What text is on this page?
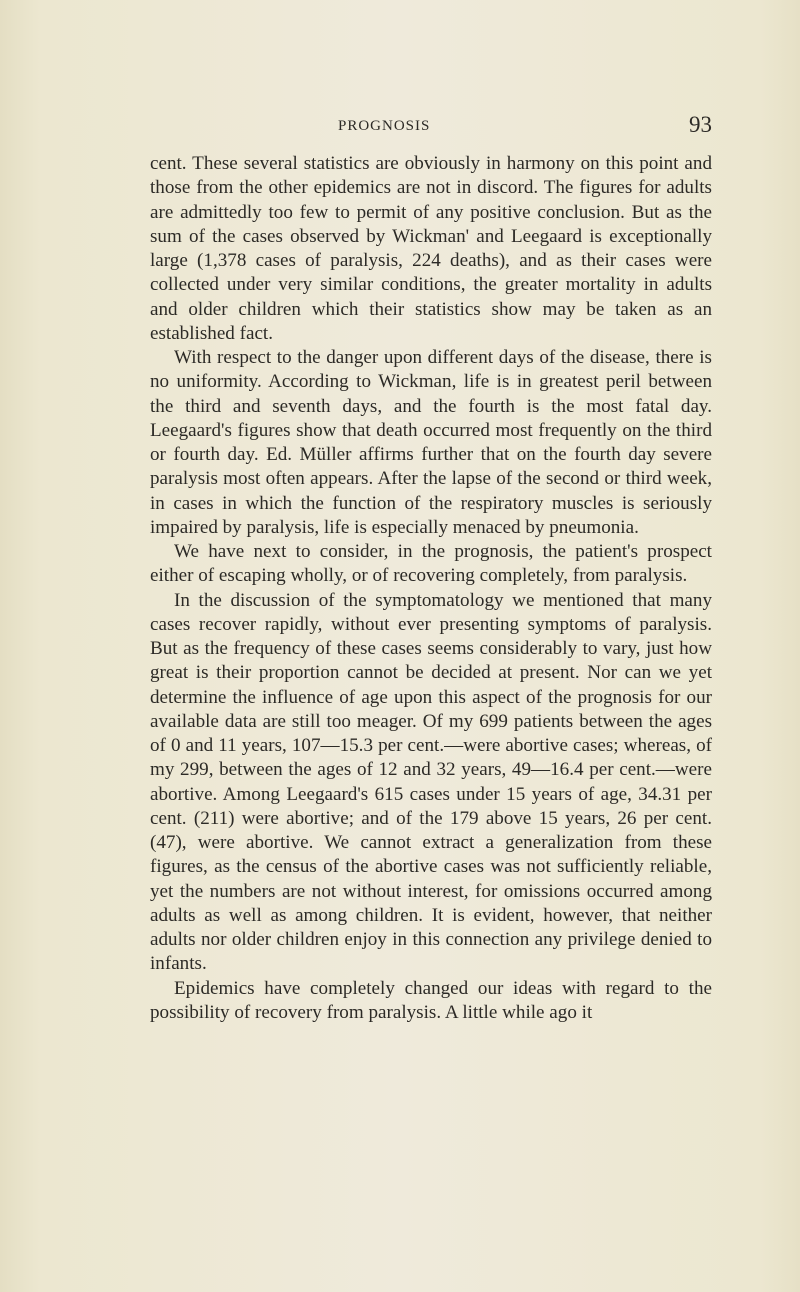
PROGNOSIS	93

cent. These several statistics are obviously in harmony on this point and those from the other epidemics are not in discord. The figures for adults are admittedly too few to permit of any positive conclusion. But as the sum of the cases observed by Wickman' and Leegaard is exceptionally large (1,378 cases of paralysis, 224 deaths), and as their cases were collected under very similar conditions, the greater mortality in adults and older children which their statistics show may be taken as an established fact.

With respect to the danger upon different days of the disease, there is no uniformity. According to Wickman, life is in greatest peril between the third and seventh days, and the fourth is the most fatal day. Leegaard's figures show that death occurred most frequently on the third or fourth day. Ed. Müller affirms further that on the fourth day severe paralysis most often appears. After the lapse of the second or third week, in cases in which the function of the respiratory muscles is seriously impaired by paralysis, life is especially menaced by pneumonia.

We have next to consider, in the prognosis, the patient's prospect either of escaping wholly, or of recovering completely, from paralysis.

In the discussion of the symptomatology we mentioned that many cases recover rapidly, without ever presenting symptoms of paralysis. But as the frequency of these cases seems considerably to vary, just how great is their proportion cannot be decided at present. Nor can we yet determine the influence of age upon this aspect of the prognosis for our available data are still too meager. Of my 699 patients between the ages of 0 and 11 years, 107—15.3 per cent.—were abortive cases; whereas, of my 299, between the ages of 12 and 32 years, 49—16.4 per cent.—were abortive. Among Leegaard's 615 cases under 15 years of age, 34.31 per cent. (211) were abortive; and of the 179 above 15 years, 26 per cent. (47), were abortive. We cannot extract a generalization from these figures, as the census of the abortive cases was not sufficiently reliable, yet the numbers are not without interest, for omissions occurred among adults as well as among children. It is evident, however, that neither adults nor older children enjoy in this connection any privilege denied to infants.

Epidemics have completely changed our ideas with regard to the possibility of recovery from paralysis. A little while ago it
